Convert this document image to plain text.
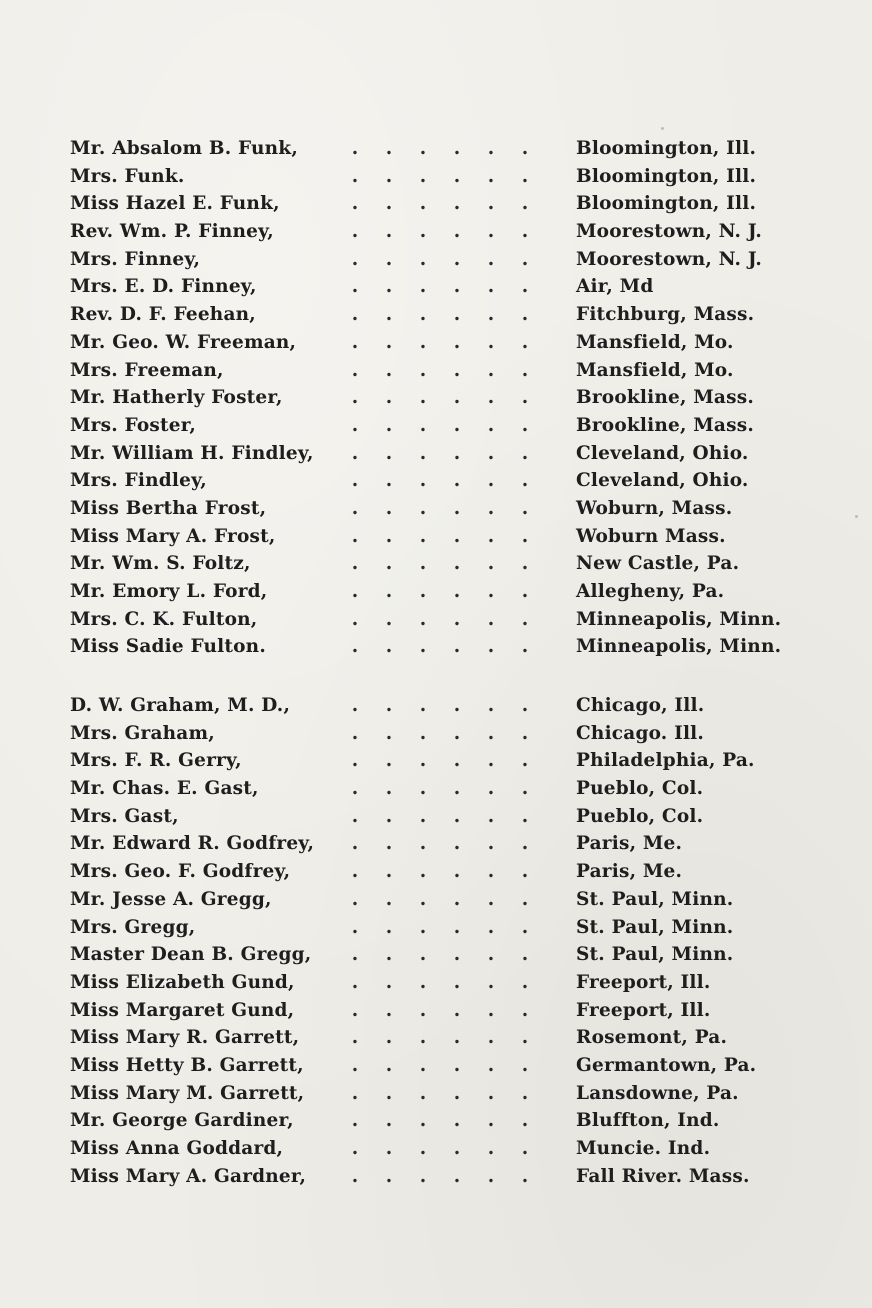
Mr. Absalom B. Funk,	. . . . . .	Bloomington, Ill.
Mrs. Funk.	. . . . . .	Bloomington, Ill.
Miss Hazel E. Funk,	. . . . . .	Bloomington, Ill.
Rev. Wm. P. Finney,	. . . . . .	Moorestown, N. J.
Mrs. Finney,	. . . . . .	Moorestown, N. J.
Mrs. E. D. Finney,	. . . . . .	Air, Md
Rev. D. F. Feehan,	. . . . . .	Fitchburg, Mass.
Mr. Geo. W. Freeman,	. . . . . .	Mansfield, Mo.
Mrs. Freeman,	. . . . . .	Mansfield, Mo.
Mr. Hatherly Foster,	. . . . . .	Brookline, Mass.
Mrs. Foster,	. . . . . .	Brookline, Mass.
Mr. William H. Findley,	. . . . . .	Cleveland, Ohio.
Mrs. Findley,	. . . . . .	Cleveland, Ohio.
Miss Bertha Frost,	. . . . . .	Woburn, Mass.
Miss Mary A. Frost,	. . . . . .	Woburn Mass.
Mr. Wm. S. Foltz,	. . . . . .	New Castle, Pa.
Mr. Emory L. Ford,	. . . . . .	Allegheny, Pa.
Mrs. C. K. Fulton,	. . . . . .	Minneapolis, Minn.
Miss Sadie Fulton.	. . . . . .	Minneapolis, Minn.
D. W. Graham, M. D.,	. . . . . .	Chicago, Ill.
Mrs. Graham,	. . . . . .	Chicago. Ill.
Mrs. F. R. Gerry,	. . . . . .	Philadelphia, Pa.
Mr. Chas. E. Gast,	. . . . . .	Pueblo, Col.
Mrs. Gast,	. . . . . .	Pueblo, Col.
Mr. Edward R. Godfrey,	. . . . . .	Paris, Me.
Mrs. Geo. F. Godfrey,	. . . . . .	Paris, Me.
Mr. Jesse A. Gregg,	. . . . . .	St. Paul, Minn.
Mrs. Gregg,	. . . . . .	St. Paul, Minn.
Master Dean B. Gregg,	. . . . . .	St. Paul, Minn.
Miss Elizabeth Gund,	. . . . . .	Freeport, Ill.
Miss Margaret Gund,	. . . . . .	Freeport, Ill.
Miss Mary R. Garrett,	. . . . . .	Rosemont, Pa.
Miss Hetty B. Garrett,	. . . . . .	Germantown, Pa.
Miss Mary M. Garrett,	. . . . . .	Lansdowne, Pa.
Mr. George Gardiner,	. . . . . .	Bluffton, Ind.
Miss Anna Goddard,	. . . . . .	Muncie. Ind.
Miss Mary A. Gardner,	. . . . . .	Fall River. Mass.
